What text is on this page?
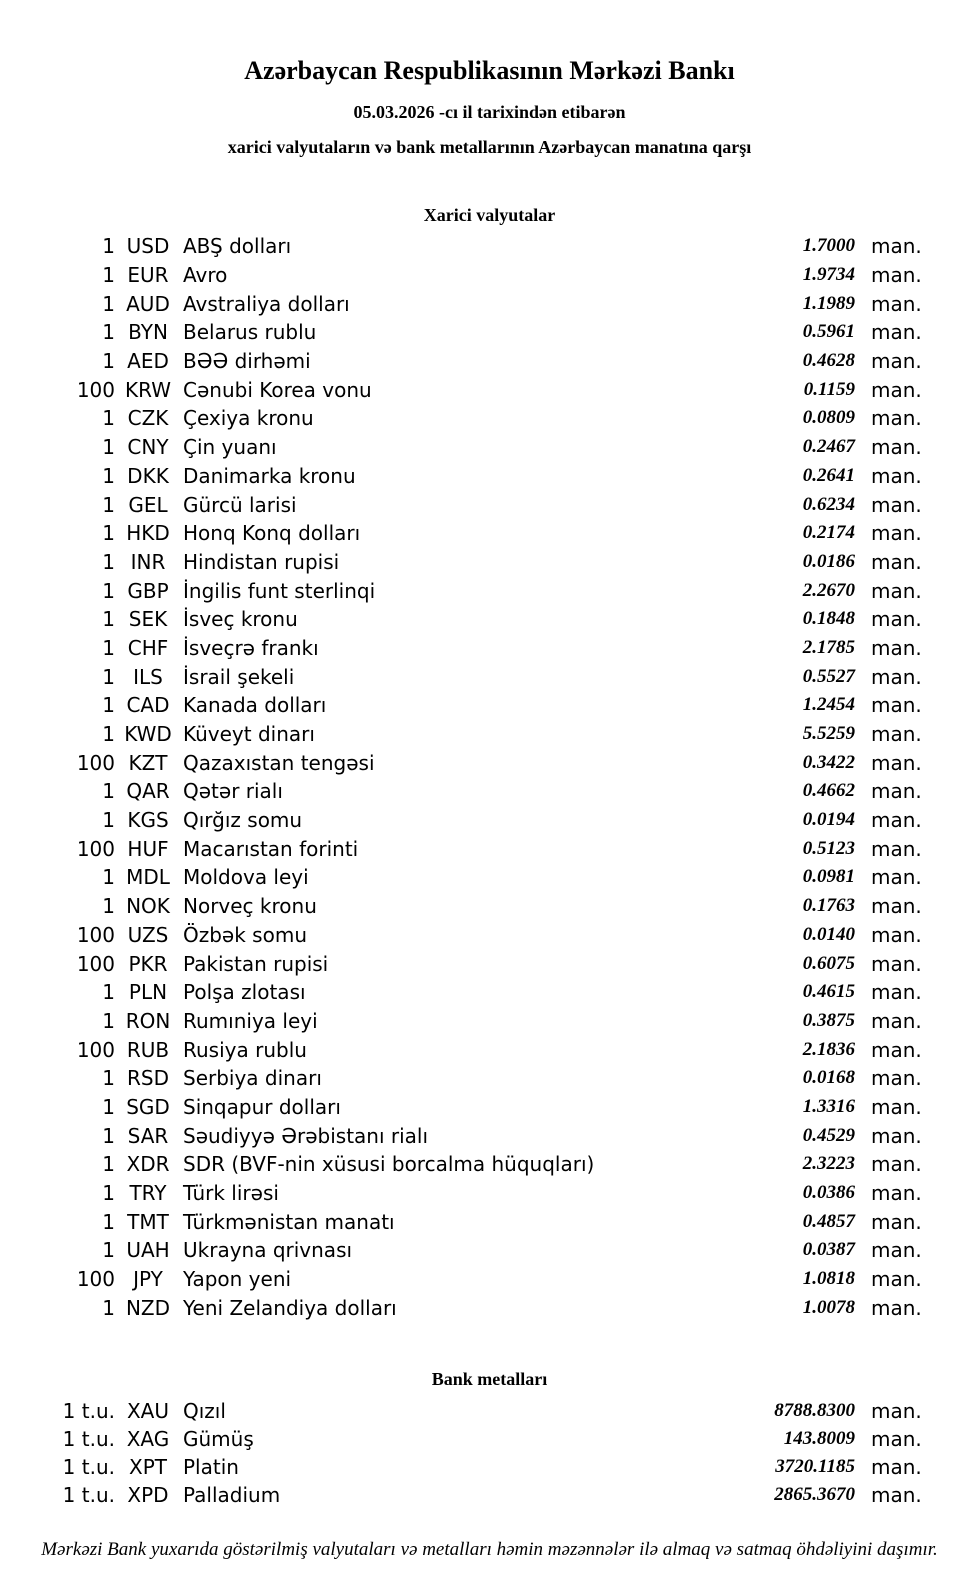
Azərbaycan Respublikasının Mərkəzi Bankı
05.03.2026 -cı il tarixindən etibarən
xarici valyutaların və bank metallarının Azərbaycan manatına qarşı
Xarici valyutalar
1 USD ABŞ dolları	1.7000 man.
1 EUR Avro	1.9734 man.
1 AUD Avstraliya dolları	1.1989 man.
1 BYN Belarus rublu	0.5961 man.
1 AED BƏƏ dirhəmi	0.4628 man.
100 KRW Cənubi Korea vonu	0.1159 man.
1 CZK Çexiya kronu	0.0809 man.
1 CNY Çin yuanı	0.2467 man.
1 DKK Danimarka kronu	0.2641 man.
1 GEL Gürcü larisi	0.6234 man.
1 HKD Honq Konq dolları	0.2174 man.
1 INR Hindistan rupisi	0.0186 man.
1 GBP İngilis funt sterlinqi	2.2670 man.
1 SEK İsveç kronu	0.1848 man.
1 CHF İsveçrə frankı	2.1785 man.
1 ILS	İsrail şekeli	0.5527 man.
1 CAD Kanada dolları	1.2454 man.
1 KWD Küveyt dinarı	5.5259 man.
100 KZT Qazaxıstan tengəsi	0.3422 man.
1 QAR Qətər rialı	0.4662 man.
1 KGS Qırğız somu	0.0194 man.
100 HUF Macarıstan forinti	0.5123 man.
1 MDL Moldova leyi	0.0981 man.
1 NOK Norveç kronu	0.1763 man.
100 UZS Özbək somu	0.0140 man.
100 PKR Pakistan rupisi	0.6075 man.
1 PLN Polşa zlotası	0.4615 man.
1 RON Rumıniya leyi	0.3875 man.
100 RUB Rusiya rublu	2.1836 man.
1 RSD Serbiya dinarı	0.0168 man.
1 SGD Sinqapur dolları	1.3316 man.
1 SAR Səudiyyə Ərəbistanı rialı	0.4529 man.
1 XDR SDR (BVF-nin xüsusi borcalma hüquqları)	2.3223 man.
1 TRY Türk lirəsi	0.0386 man.
1 TMT Türkmənistan manatı	0.4857 man.
1 UAH Ukrayna qrivnası	0.0387 man.
100 JPY	Yapon yeni	1.0818 man.
1 NZD Yeni Zelandiya dolları	1.0078 man.
Bank metalları
1 t.u. XAU Qızıl	8788.8300 man.
1 t.u. XAG Gümüş	143.8009 man.
1 t.u. XPT Platin	3720.1185 man.
1 t.u. XPD Palladium	2865.3670 man.
Mərkəzi Bank yuxarıda göstərilmiş valyutaları və metalları həmin məzənnələr ilə almaq və satmaq öhdəliyini daşımır.
